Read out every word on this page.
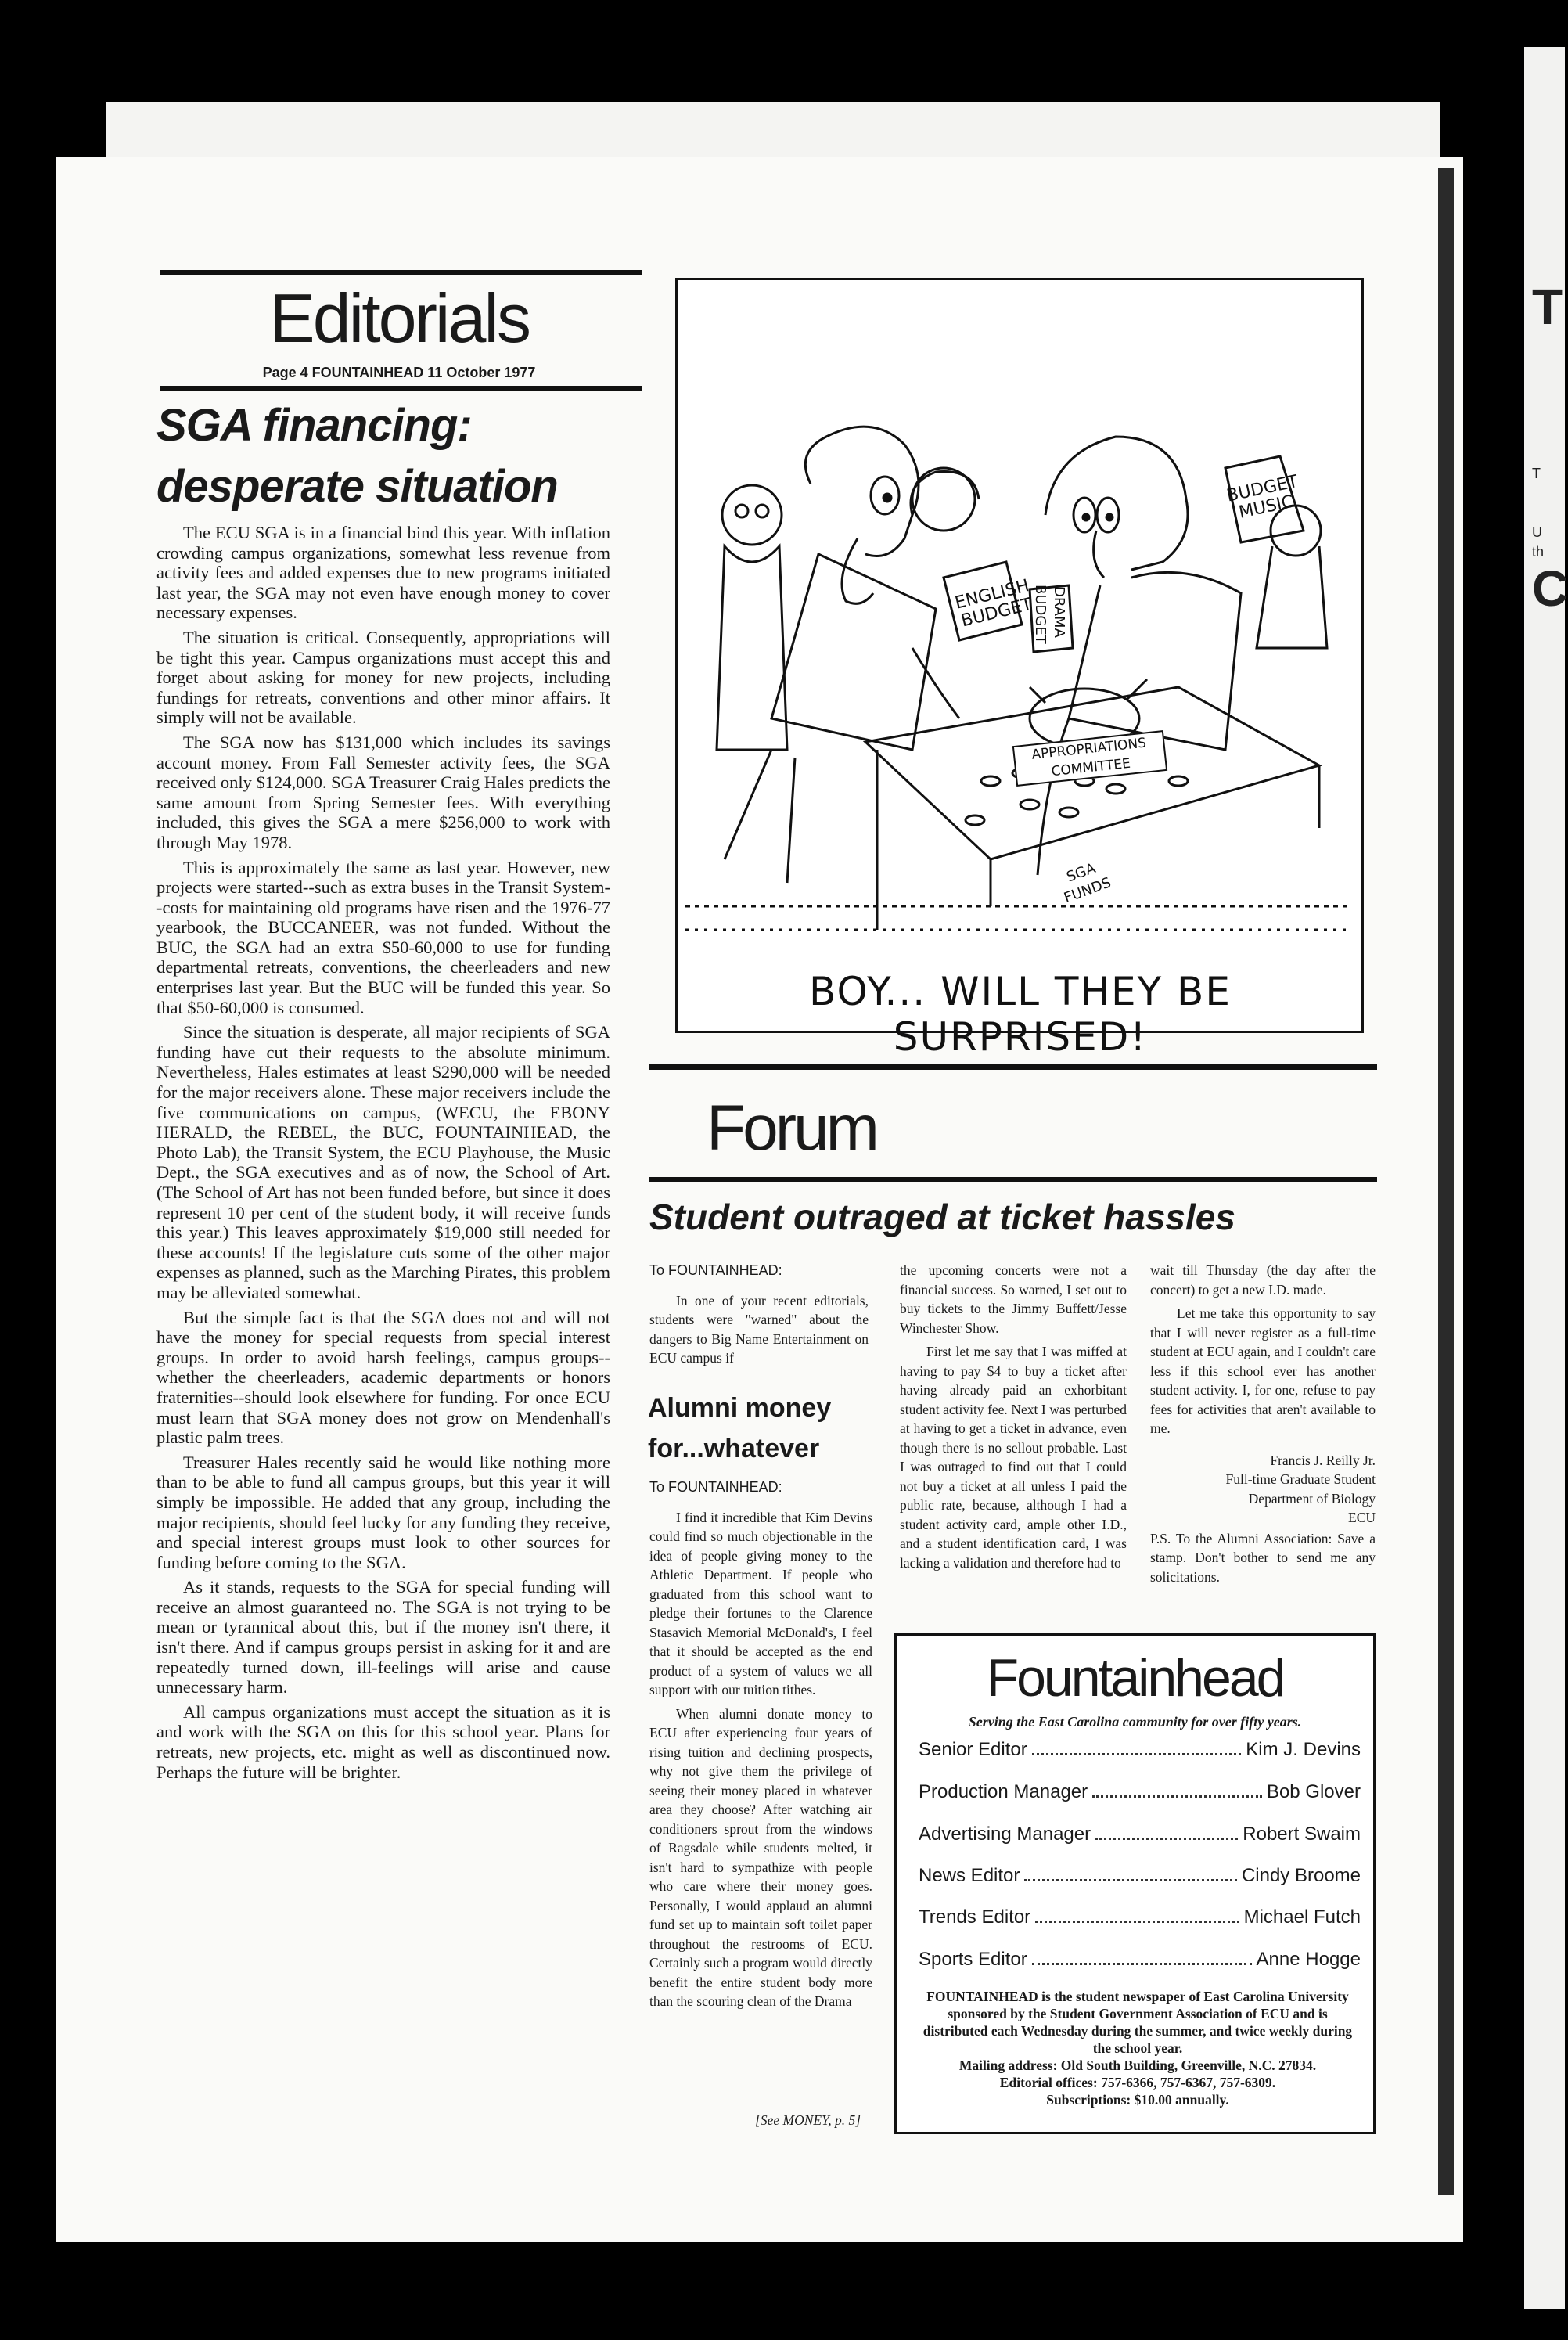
T
T
U
th
C
Editorials
Page 4 FOUNTAINHEAD 11 October 1977
SGA financing:
desperate situation

The ECU SGA is in a financial bind this year. With inflation crowding campus organizations, somewhat less revenue from activity fees and added expenses due to new programs initiated last year, the SGA may not even have enough money to cover necessary expenses.

The situation is critical. Consequently, appropriations will be tight this year. Campus organizations must accept this and forget about asking for money for new projects, including fundings for retreats, conventions and other minor affairs. It simply will not be available.

The SGA now has $131,000 which includes its savings account money. From Fall Semester activity fees, the SGA received only $124,000. SGA Treasurer Craig Hales predicts the same amount from Spring Semester fees. With everything included, this gives the SGA a mere $256,000 to work with through May 1978.

This is approximately the same as last year. However, new projects were started--such as extra buses in the Transit System--costs for maintaining old programs have risen and the 1976-77 yearbook, the BUCCANEER, was not funded. Without the BUC, the SGA had an extra $50-60,000 to use for funding departmental retreats, conventions, the cheerleaders and new enterprises last year. But the BUC will be funded this year. So that $50-60,000 is consumed.

Since the situation is desperate, all major recipients of SGA funding have cut their requests to the absolute minimum. Nevertheless, Hales estimates at least $290,000 will be needed for the major receivers alone. These major receivers include the five communications on campus, (WECU, the EBONY HERALD, the REBEL, the BUC, FOUNTAINHEAD, the Photo Lab), the Transit System, the ECU Playhouse, the Music Dept., the SGA executives and as of now, the School of Art. (The School of Art has not been funded before, but since it does represent 10 per cent of the student body, it will receive funds this year.) This leaves approximately $19,000 still needed for these accounts! If the legislature cuts some of the other major expenses as planned, such as the Marching Pirates, this problem may be alleviated somewhat.

But the simple fact is that the SGA does not and will not have the money for special requests from special interest groups. In order to avoid harsh feelings, campus groups--whether the cheerleaders, academic departments or honors fraternities--should look elsewhere for funding. For once ECU must learn that SGA money does not grow on Mendenhall's plastic palm trees.

Treasurer Hales recently said he would like nothing more than to be able to fund all campus groups, but this year it will simply be impossible. He added that any group, including the major recipients, should feel lucky for any funding they receive, and special interest groups must look to other sources for funding before coming to the SGA.

As it stands, requests to the SGA for special funding will receive an almost guaranteed no. The SGA is not trying to be mean or tyrannical about this, but if the money isn't there, it isn't there. And if campus groups persist in asking for it and are repeatedly turned down, ill-feelings will arise and cause unnecessary harm.

All campus organizations must accept the situation as it is and work with the SGA on this for this school year. Plans for retreats, new projects, etc. might as well as discontinued now. Perhaps the future will be brighter.

ENGLISH BUDGET	DRAMA BUDGET
BUDGET MUSIC
APPROPRIATIONS COMMITTEE
SGA FUNDS
BOY... WILL THEY BE SURPRISED!
Forum
Student outraged at ticket hassles
To FOUNTAINHEAD:

In one of your recent editorials, students were "warned" about the dangers to Big Name Entertainment on ECU campus if

Alumni money
for...whatever
To FOUNTAINHEAD:

I find it incredible that Kim Devins could find so much objectionable in the idea of people giving money to the Athletic Department. If people who graduated from this school want to pledge their fortunes to the Clarence Stasavich Memorial McDonald's, I feel that it should be accepted as the end product of a system of values we all support with our tuition tithes.

When alumni donate money to ECU after experiencing four years of rising tuition and declining prospects, why not give them the privilege of seeing their money placed in whatever area they choose? After watching air conditioners sprout from the windows of Ragsdale while students melted, it isn't hard to sympathize with people who care where their money goes. Personally, I would applaud an alumni fund set up to maintain soft toilet paper throughout the restrooms of ECU. Certainly such a program would directly benefit the entire student body more than the scouring clean of the Drama

[See MONEY, p. 5]

the upcoming concerts were not a financial success. So warned, I set out to buy tickets to the Jimmy Buffett/Jesse Winchester Show.

First let me say that I was miffed at having to pay $4 to buy a ticket after having already paid an exhorbitant student activity fee. Next I was perturbed at having to get a ticket in advance, even though there is no sellout probable. Last I was outraged to find out that I could not buy a ticket at all unless I paid the public rate, because, although I had a student activity card, ample other I.D., and a student identification card, I was lacking a validation and therefore had to

wait till Thursday (the day after the concert) to get a new I.D. made.

Let me take this opportunity to say that I will never register as a full-time student at ECU again, and I couldn't care less if this school ever has another student activity. I, for one, refuse to pay fees for activities that aren't available to me.

Francis J. Reilly Jr.
Full-time Graduate Student
Department of Biology
ECU

P.S. To the Alumni Association: Save a stamp. Don't bother to send me any solicitations.

Fountainhead
Serving the East Carolina community for over fifty years.
Senior Editor	Kim J. Devins
Production Manager	Bob Glover
Advertising Manager	Robert Swaim
News Editor	Cindy Broome
Trends Editor	Michael Futch
Sports Editor	Anne Hogge
FOUNTAINHEAD is the student newspaper of East Carolina University sponsored by the Student Government Association of ECU and is distributed each Wednesday during the summer, and twice weekly during the school year.
Mailing address: Old South Building, Greenville, N.C. 27834.
Editorial offices: 757-6366, 757-6367, 757-6309.
Subscriptions: $10.00 annually.
